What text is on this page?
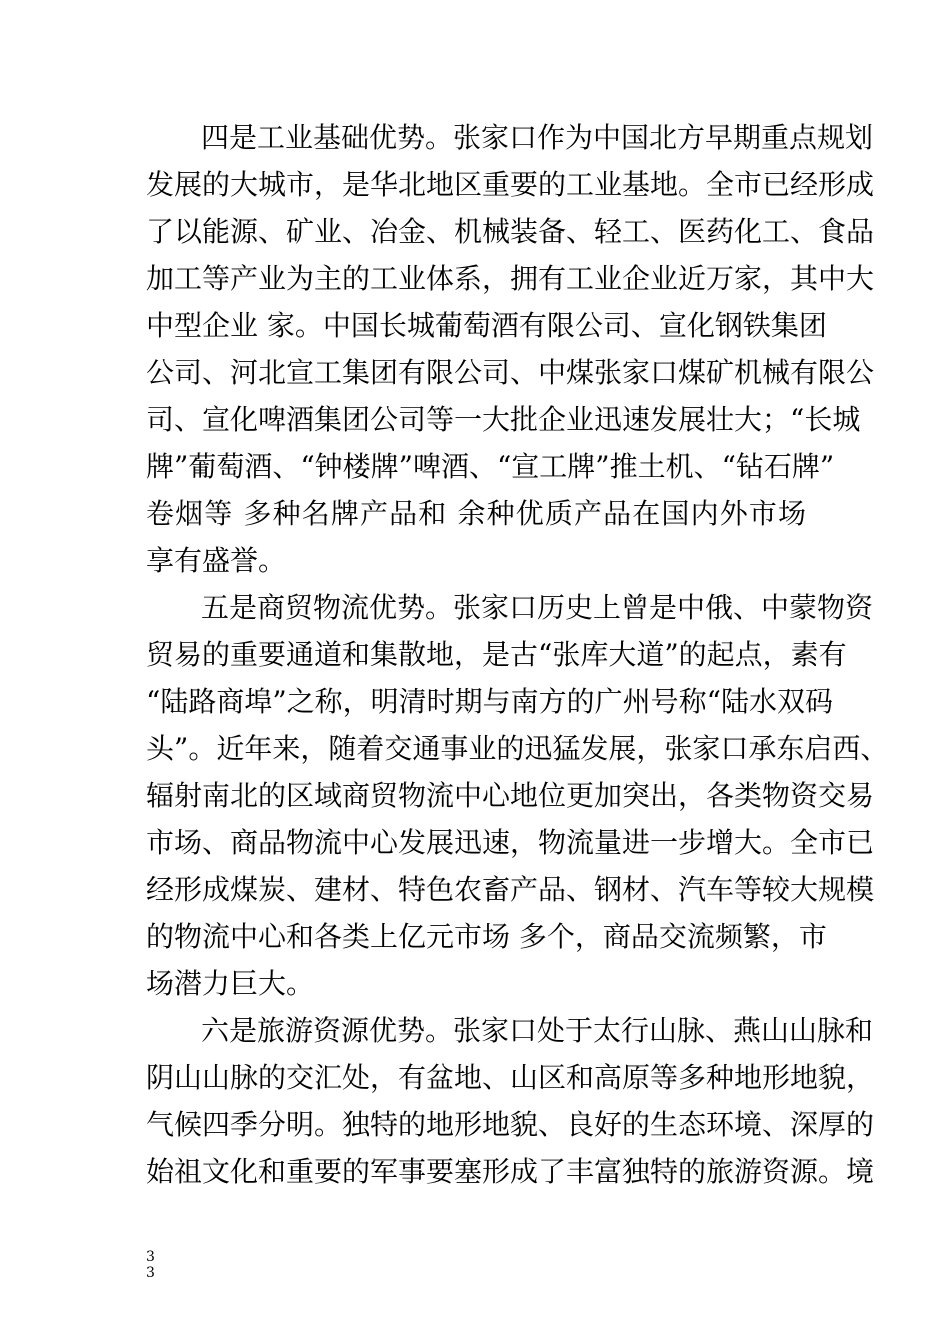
四是工业基础优势。张家口作为中国北方早期重点规划
发展的大城市，是华北地区重要的工业基地。全市已经形成
了以能源、矿业、冶金、机械装备、轻工、医药化工、食品
加工等产业为主的工业体系，拥有工业企业近万家，其中大
中型企业 家。中国长城葡萄酒有限公司、宣化钢铁集团
公司、河北宣工集团有限公司、中煤张家口煤矿机械有限公
司、宣化啤酒集团公司等一大批企业迅速发展壮大；“长城
牌”葡萄酒、“钟楼牌”啤酒、“宣工牌”推土机、“钻石牌”
卷烟等 多种名牌产品和 余种优质产品在国内外市场
享有盛誉。
五是商贸物流优势。张家口历史上曾是中俄、中蒙物资
贸易的重要通道和集散地，是古“张库大道”的起点，素有
“陆路商埠”之称，明清时期与南方的广州号称“陆水双码
头”。近年来，随着交通事业的迅猛发展，张家口承东启西、
辐射南北的区域商贸物流中心地位更加突出，各类物资交易
市场、商品物流中心发展迅速，物流量进一步增大。全市已
经形成煤炭、建材、特色农畜产品、钢材、汽车等较大规模
的物流中心和各类上亿元市场 多个，商品交流频繁，市
场潜力巨大。
六是旅游资源优势。张家口处于太行山脉、燕山山脉和
阴山山脉的交汇处，有盆地、山区和高原等多种地形地貌，
气候四季分明。独特的地形地貌、良好的生态环境、深厚的
始祖文化和重要的军事要塞形成了丰富独特的旅游资源。境
3
3
